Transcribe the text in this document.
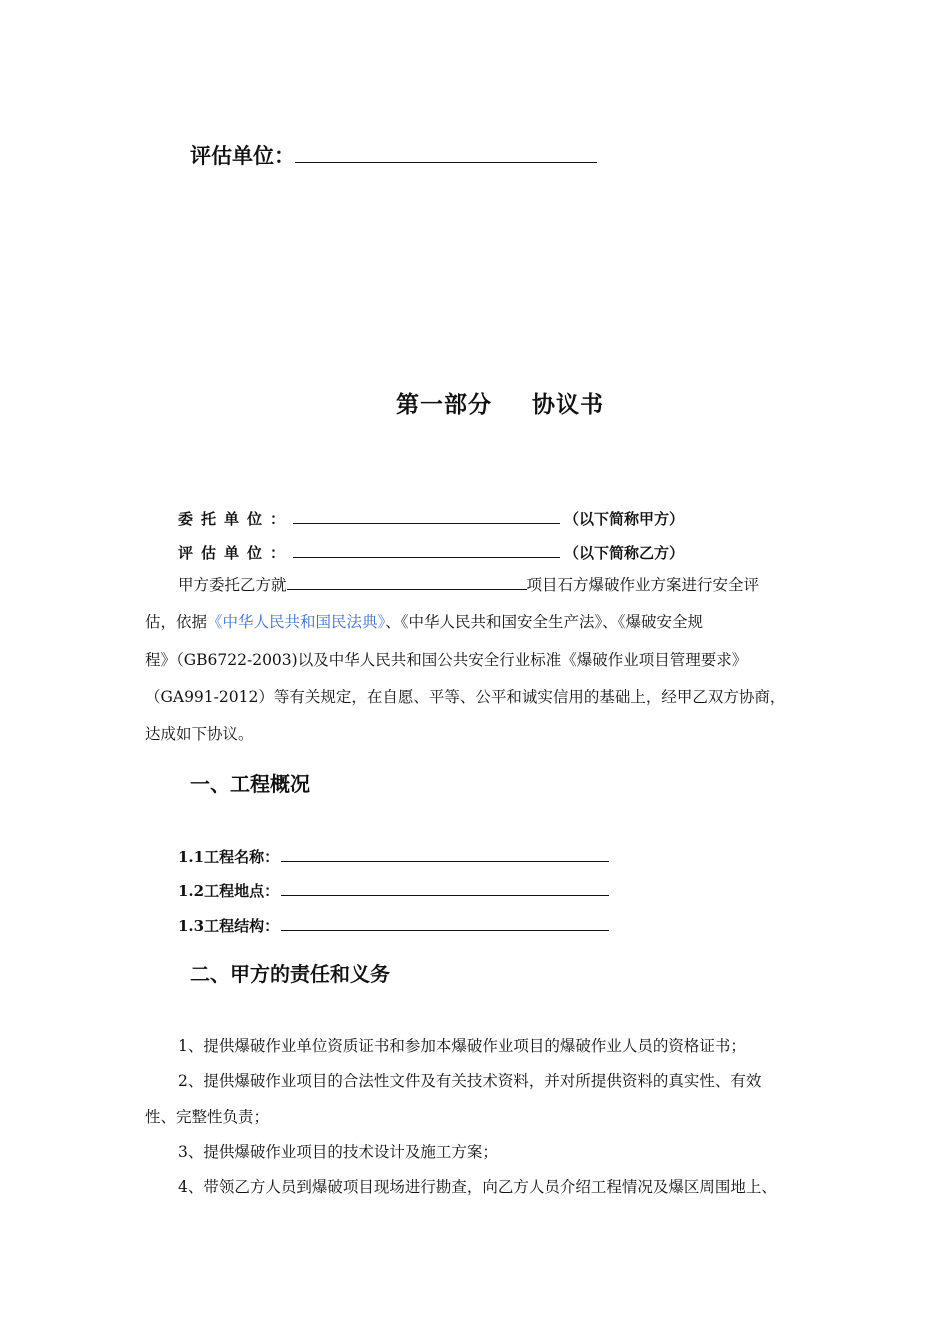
评估单位：
第一部分 协议书
委托单位：	（以下简称甲方）
评估单位：	（以下简称乙方）
甲方委托乙方就	项目石方爆破作业方案进行安全评
估，依据《中华人民共和国民法典》、《中华人民共和国安全生产法》、《爆破安全规
程》（GB6722-2003)以及中华人民共和国公共安全行业标准《爆破作业项目管理要求》
（GA991-2012）等有关规定，在自愿、平等、公平和诚实信用的基础上，经甲乙双方协商，
达成如下协议。
一、工程概况
1.1工程名称：
1.2工程地点：
1.3工程结构：
二、甲方的责任和义务
1、提供爆破作业单位资质证书和参加本爆破作业项目的爆破作业人员的资格证书；
2、提供爆破作业项目的合法性文件及有关技术资料，并对所提供资料的真实性、有效
性、完整性负责；
3、提供爆破作业项目的技术设计及施工方案；
4、带领乙方人员到爆破项目现场进行勘查，向乙方人员介绍工程情况及爆区周围地上、
